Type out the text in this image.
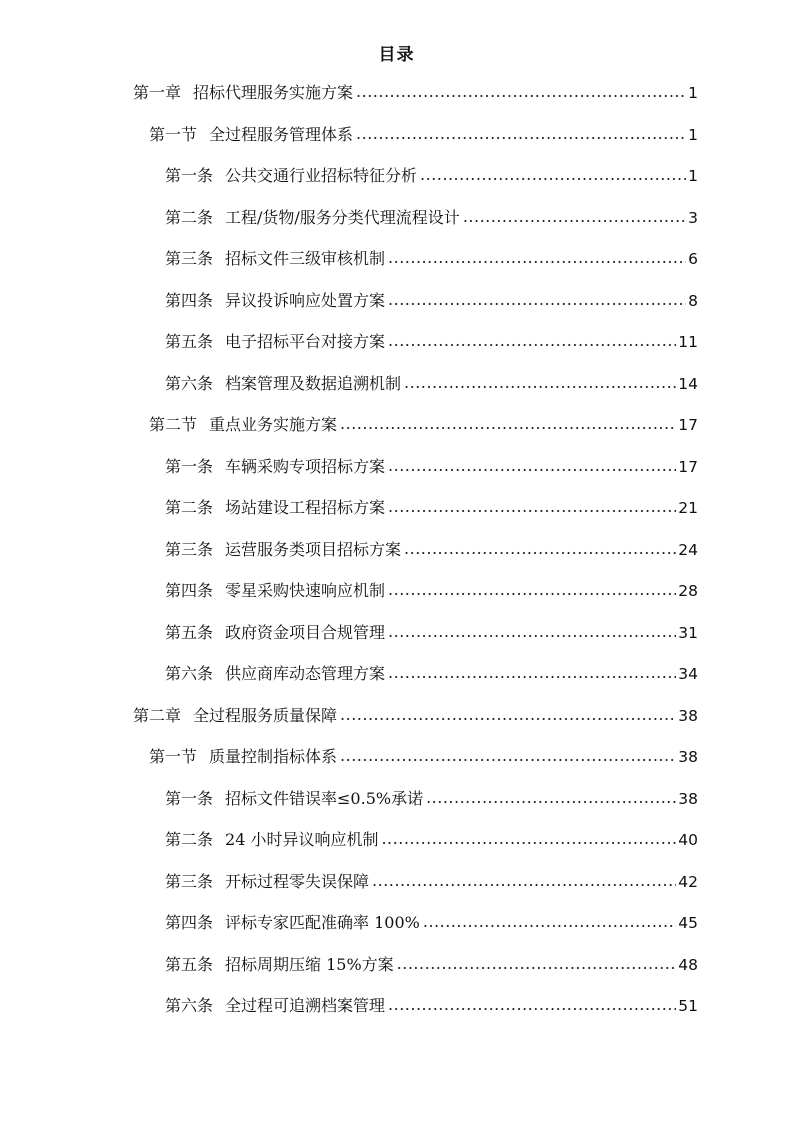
目录
第一章 招标代理服务实施方案 .....	1
第一节 全过程服务管理体系 .....	1
第一条 公共交通行业招标特征分析 .....	1
第二条 工程/货物/服务分类代理流程设计 .....	3
第三条 招标文件三级审核机制 .....	6
第四条 异议投诉响应处置方案 .....	8
第五条 电子招标平台对接方案 .....	11
第六条 档案管理及数据追溯机制 .....	14
第二节 重点业务实施方案 .....	17
第一条 车辆采购专项招标方案 .....	17
第二条 场站建设工程招标方案 .....	21
第三条 运营服务类项目招标方案 .....	24
第四条 零星采购快速响应机制 .....	28
第五条 政府资金项目合规管理 .....	31
第六条 供应商库动态管理方案 .....	34
第二章 全过程服务质量保障 .....	38
第一节 质量控制指标体系 .....	38
第一条 招标文件错误率≤0.5%承诺 .....	38
第二条 24 小时异议响应机制 .....	40
第三条 开标过程零失误保障 .....	42
第四条 评标专家匹配准确率 100% .....	45
第五条 招标周期压缩 15%方案 .....	48
第六条 全过程可追溯档案管理 .....	51
